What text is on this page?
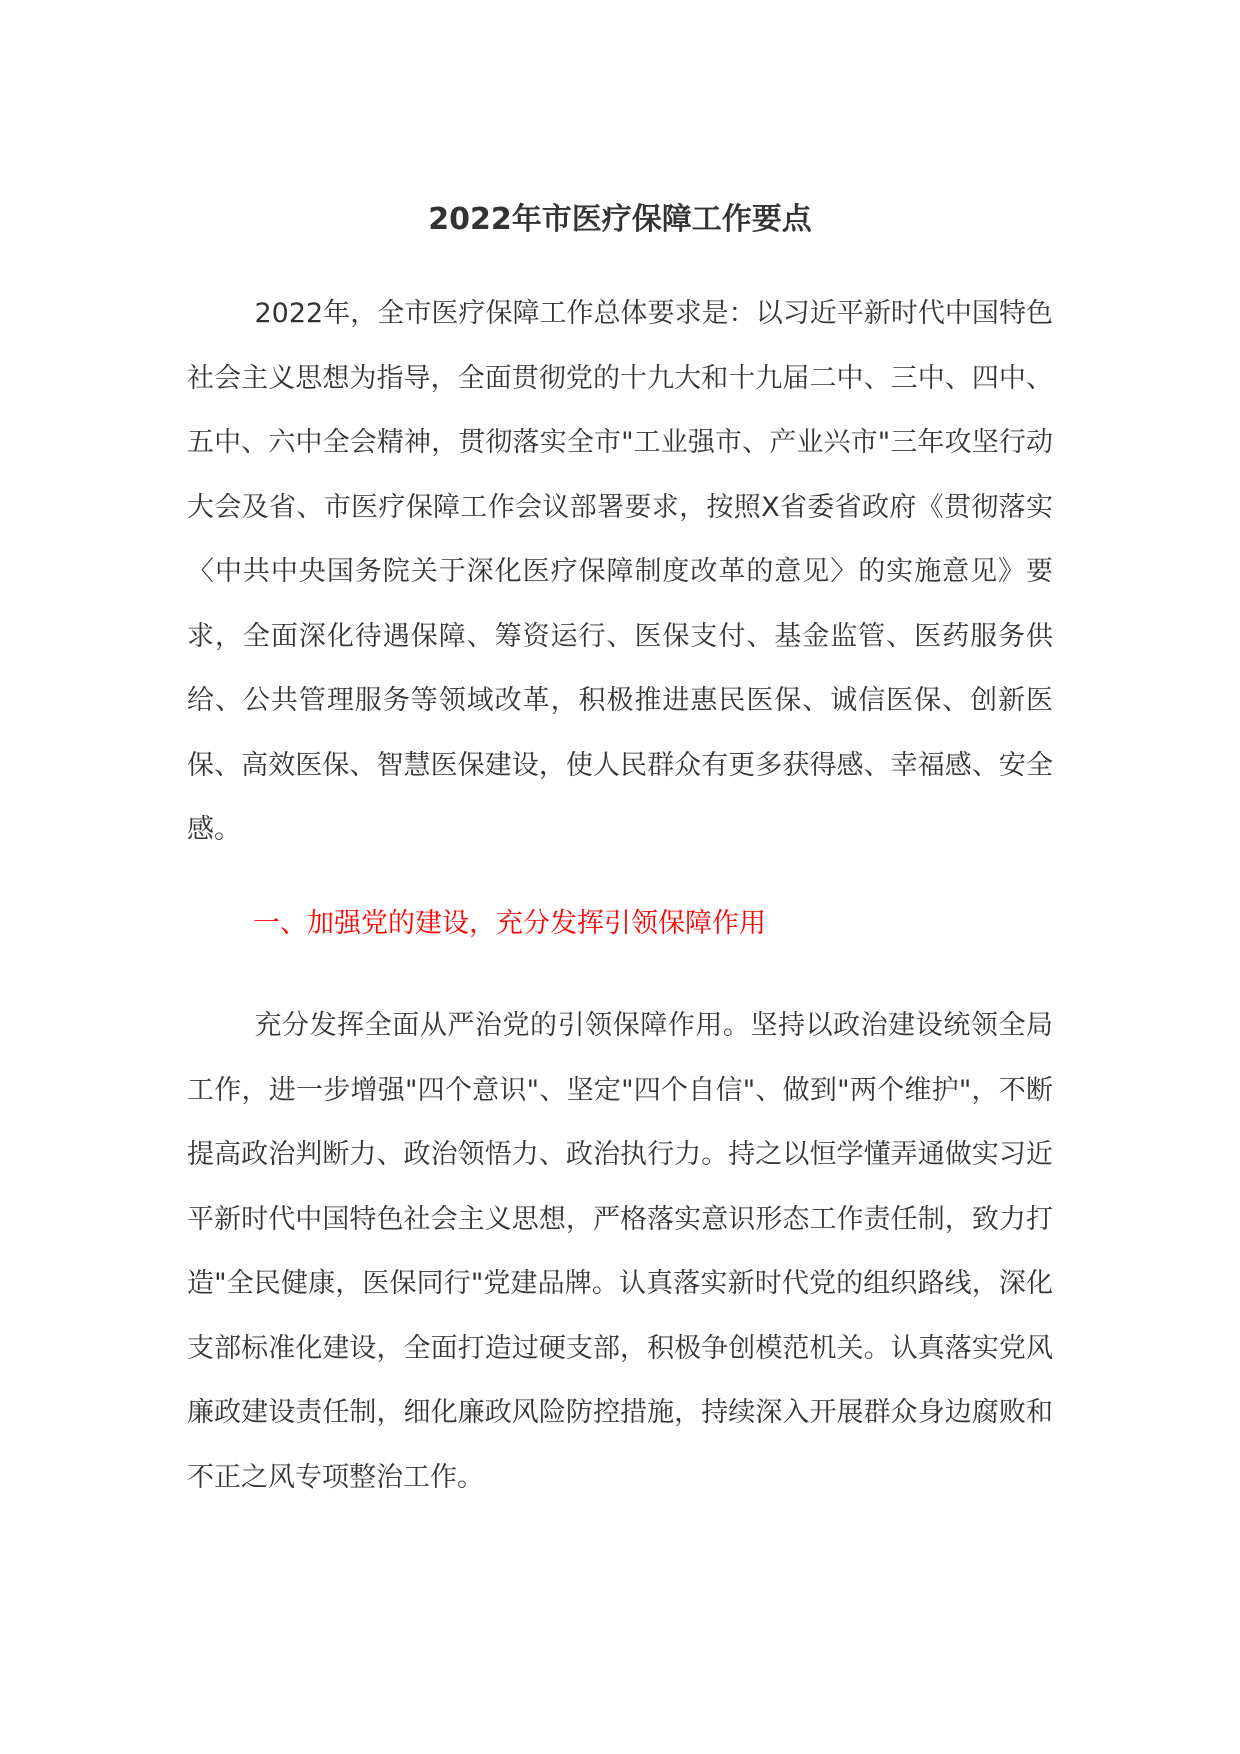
2022年市医疗保障工作要点

2022年，全市医疗保障工作总体要求是：以习近平新时代中国特色社会主义思想为指导，全面贯彻党的十九大和十九届二中、三中、四中、五中、六中全会精神，贯彻落实全市"工业强市、产业兴市"三年攻坚行动大会及省、市医疗保障工作会议部署要求，按照X省委省政府《贯彻落实〈中共中央国务院关于深化医疗保障制度改革的意见〉的实施意见》要求，全面深化待遇保障、筹资运行、医保支付、基金监管、医药服务供给、公共管理服务等领域改革，积极推进惠民医保、诚信医保、创新医保、高效医保、智慧医保建设，使人民群众有更多获得感、幸福感、安全感。

一、加强党的建设，充分发挥引领保障作用

充分发挥全面从严治党的引领保障作用。坚持以政治建设统领全局工作，进一步增强"四个意识"、坚定"四个自信"、做到"两个维护"，不断提高政治判断力、政治领悟力、政治执行力。持之以恒学懂弄通做实习近平新时代中国特色社会主义思想，严格落实意识形态工作责任制，致力打造"全民健康，医保同行"党建品牌。认真落实新时代党的组织路线，深化支部标准化建设，全面打造过硬支部，积极争创模范机关。认真落实党风廉政建设责任制，细化廉政风险防控措施，持续深入开展群众身边腐败和不正之风专项整治工作。
